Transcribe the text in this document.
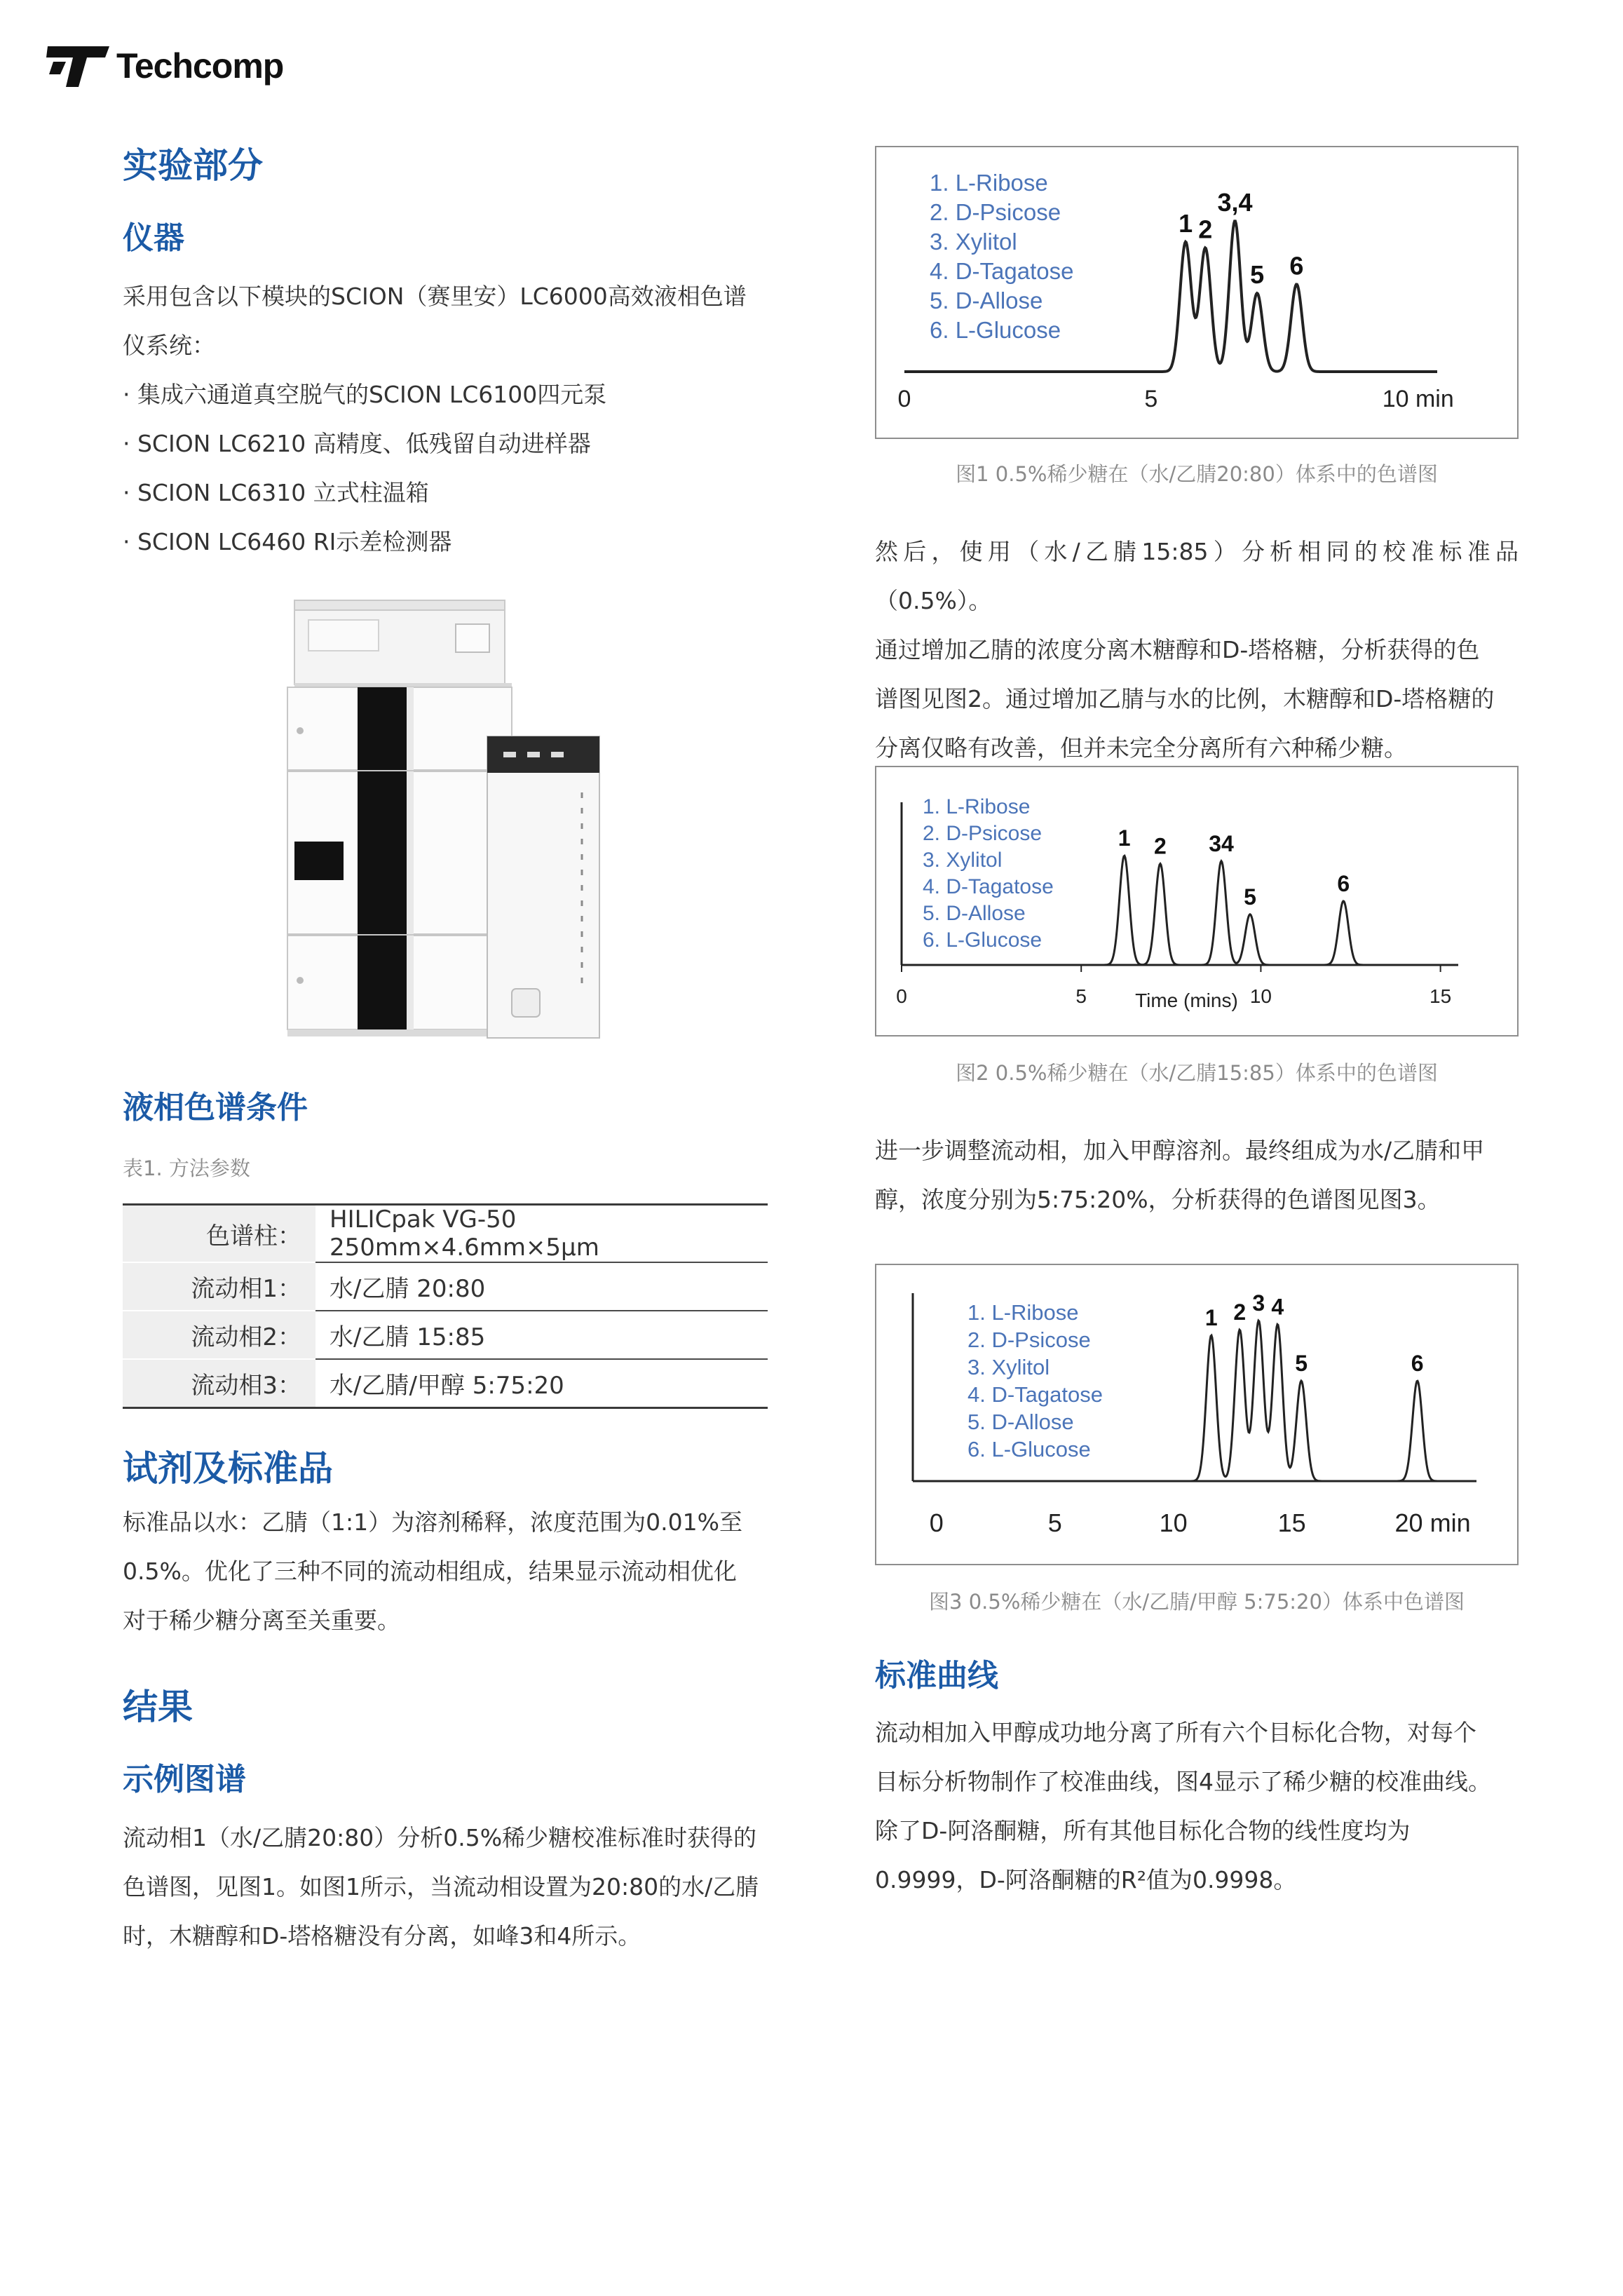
Techcomp
实验部分
仪器

采用包含以下模块的SCION（赛里安）LC6000高效液相色谱

仪系统：

· 集成六通道真空脱气的SCION LC6100四元泵

· SCION LC6210 高精度、低残留自动进样器

· SCION LC6310 立式柱温箱

· SCION LC6460 RI示差检测器

液相色谱条件
表1. 方法参数
色谱柱：	HILICpak VG-50 250mm×4.6mm×5μm
流动相1：	水/乙腈 20:80
流动相2：	水/乙腈 15:85
流动相3：	水/乙腈/甲醇 5:75:20
试剂及标准品

标准品以水：乙腈（1:1）为溶剂稀释，浓度范围为0.01%至

0.5%。优化了三种不同的流动相组成，结果显示流动相优化

对于稀少糖分离至关重要。

结果
示例图谱

流动相1（水/乙腈20:80）分析0.5%稀少糖校准标准时获得的

色谱图，见图1。如图1所示，当流动相设置为20:80的水/乙腈

时，木糖醇和D-塔格糖没有分离，如峰3和4所示。

1 2
3,4
5 6
1. L-Ribose
2. D-Psicose
3. Xylitol
4. D-Tagatose
5. D-Allose
6. L-Glucose
0	5	10 min
图1 0.5%稀少糖在（水/乙腈20:80）体系中的色谱图

然后，使用（水/乙腈15:85）分析相同的校准标准品（0.5%）。

通过增加乙腈的浓度分离木糖醇和D-塔格糖，分析获得的色

谱图见图2。通过增加乙腈与水的比例，木糖醇和D-塔格糖的

分离仅略有改善，但并未完全分离所有六种稀少糖。

1 2 34
5
6
1. L-Ribose
2. D-Psicose
3. Xylitol
4. D-Tagatose
5. D-Allose
6. L-Glucose
0	5	10	15
Time (mins)
图2 0.5%稀少糖在（水/乙腈15:85）体系中的色谱图

进一步调整流动相，加入甲醇溶剂。最终组成为水/乙腈和甲

醇，浓度分别为5:75:20%，分析获得的色谱图见图3。

1 2 3 4
5	6
1. L-Ribose
2. D-Psicose
3. Xylitol
4. D-Tagatose
5. D-Allose
6. L-Glucose
0	5	10	15	20 min
图3 0.5%稀少糖在（水/乙腈/甲醇 5:75:20）体系中色谱图
标准曲线

流动相加入甲醇成功地分离了所有六个目标化合物，对每个

目标分析物制作了校准曲线，图4显示了稀少糖的校准曲线。

除了D-阿洛酮糖，所有其他目标化合物的线性度均为

0.9999，D-阿洛酮糖的R²值为0.9998。
